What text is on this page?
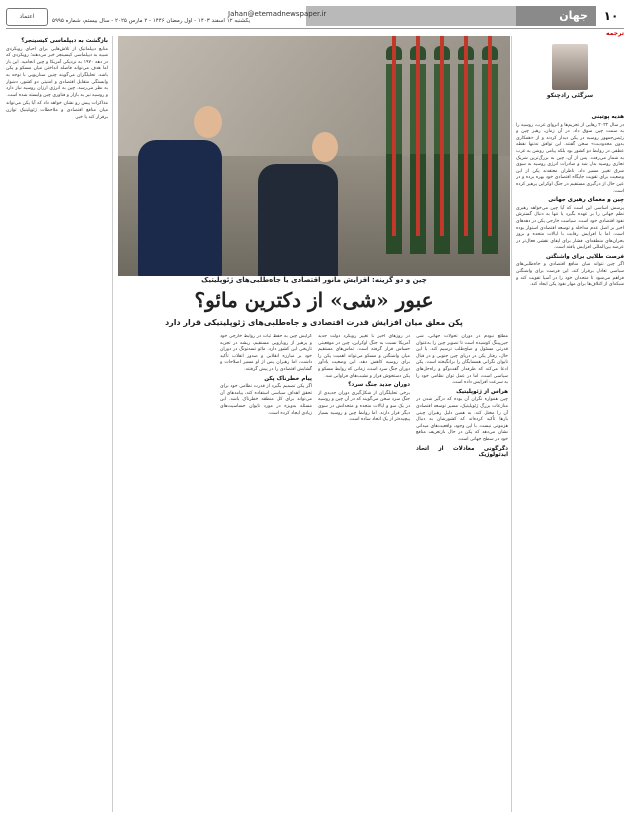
۱۰
جهان
Jahan@etemadnewspaper.ir
یکشنبه ۱۲ اسفند ۱۴۰۳ - اول رمضان ۱۴۴۶ - ۲ مارس ۲۰۲۵ - سال بیستم، شماره ۵۹۹۵
اعتماد
ترجمه
سرگئی رادچنکو
چین و دو گزینه: افزایش مانور اقتصادی یا جاه‌طلبی‌های ژئوپلیتیک
عبور «شی» از دکترین مائو؟
پکن معلق میان افزایش قدرت اقتصادی و جاه‌طلبی‌های ژئوپلیتیکی قرار دارد
هدیه پوتینی

در سال ۲۰۲۲ رهایی از تحریم‌ها و انزوای غرب، روسیه را به سمت چین سوق داد. در آن زمان، رهبر چین و رئیس‌جمهور روسیه در پکن دیدار کردند و از «همکاری بدون محدودیت» سخن گفتند. این توافق نه‌تنها نقطه عطفی در روابط دو کشور بود بلکه پیامی روشن به غرب به شمار می‌رفت. پس از آن، چین به بزرگ‌ترین شریک تجاری روسیه بدل شد و صادرات انرژی روسیه به سوی شرق تغییر مسیر داد. ناظران معتقدند پکن از این وضعیت برای تقویت جایگاه اقتصادی خود بهره برده و در عین حال از درگیری مستقیم در جنگ اوکراین پرهیز کرده است.

چین و معمای رهبری جهانی

پرسش اساسی این است که آیا چین می‌خواهد رهبری نظم جهانی را بر عهده بگیرد یا تنها به دنبال گسترش نفوذ اقتصادی خود است. سیاست خارجی پکن در دهه‌های اخیر بر اصل عدم مداخله و توسعه اقتصادی استوار بوده است. اما با افزایش رقابت با ایالات متحده و بروز بحران‌های منطقه‌ای، فشار برای ایفای نقشی فعال‌تر در عرصه بین‌المللی افزایش یافته است.

فرصت طلایی برای واشنگتن

اگر چین نتواند میان منافع اقتصادی و جاه‌طلبی‌های سیاسی تعادل برقرار کند، این فرصت برای واشنگتن فراهم می‌شود تا متحدان خود را در آسیا تقویت کند و شبکه‌ای از ائتلاف‌ها برای مهار نفوذ پکن ایجاد کند.

مطلع نبودم در دوران تحولات جهانی، شی جین‌پینگ کوشیده است تا تصویر چین را به‌عنوان قدرتی مسئول و صلح‌طلب ترسیم کند. با این حال، رفتار پکن در دریای چین جنوبی و در قبال تایوان نگرانی همسایگان را برانگیخته است. پکن ادعا می‌کند که طرفدار گفت‌وگو و راه‌حل‌های سیاسی است، اما در عمل توان نظامی خود را به سرعت افزایش داده است.

هراس از ژئوپلیتیک

چین همواره نگران آن بوده که درگیر شدن در منازعات بزرگ ژئوپلیتیک، مسیر توسعه اقتصادی آن را مختل کند. به همین دلیل رهبران چینی بارها تأکید کرده‌اند که کشورشان به دنبال هژمونی نیست. با این وجود، واقعیت‌های میدانی نشان می‌دهد که پکن در حال بازتعریف منافع خود در سطح جهانی است.

دگرگونی معادلات از اتحاد ایدئولوژیک

در روزهای اخیر با تغییر رویکرد دولت جدید آمریکا نسبت به جنگ اوکراین، چین در موقعیتی حساس قرار گرفته است. تماس‌های مستقیم میان واشنگتن و مسکو می‌تواند اهمیت پکن را برای روسیه کاهش دهد. این وضعیت یادآور دوران جنگ سرد است، زمانی که روابط مسکو و پکن دستخوش فراز و نشیب‌های فراوانی شد.

دوران جدید جنگ سرد؟

برخی تحلیلگران از شکل‌گیری دوران جدیدی از جنگ سرد سخن می‌گویند که در آن چین و روسیه در یک سو و ایالات متحده و متحدانش در سوی دیگر قرار دارند. اما روابط چین و روسیه بسیار پیچیده‌تر از یک اتحاد ساده است.

گرایش چین به حفظ ثبات در روابط خارجی خود و پرهیز از رویارویی مستقیم، ریشه در تجربه تاریخی این کشور دارد. مائو تسه‌تونگ در دوران خود بر مبارزه انقلابی و صدور انقلاب تأکید داشت، اما رهبران پس از او مسیر اصلاحات و گشایش اقتصادی را در پیش گرفتند.

پیام خطرناک پکن

اگر پکن تصمیم بگیرد از قدرت نظامی خود برای تحقق اهداف سیاسی استفاده کند، پیامدهای آن می‌تواند برای کل منطقه خطرناک باشد. این مسئله به‌ویژه در مورد تایوان حساسیت‌های زیادی ایجاد کرده است.

بازگشت به دیپلماسی کیسینجر؟

منابع دیپلماتیک از تلاش‌هایی برای احیای رویکردی شبیه به دیپلماسی کیسینجر خبر می‌دهند؛ رویکردی که در دهه ۱۹۷۰ به نزدیکی آمریکا و چین انجامید. این بار اما هدف می‌تواند فاصله انداختن میان مسکو و پکن باشد. تحلیلگران می‌گویند چنین سناریویی با توجه به وابستگی متقابل اقتصادی و امنیتی دو کشور، دشوار به نظر می‌رسد. چین به انرژی ارزان روسیه نیاز دارد و روسیه نیز به بازار و فناوری چین وابسته شده است.

مذاکرات پیش رو نشان خواهد داد که آیا پکن می‌تواند میان منافع اقتصادی و ملاحظات ژئوپلیتیک توازن برقرار کند یا خیر.
